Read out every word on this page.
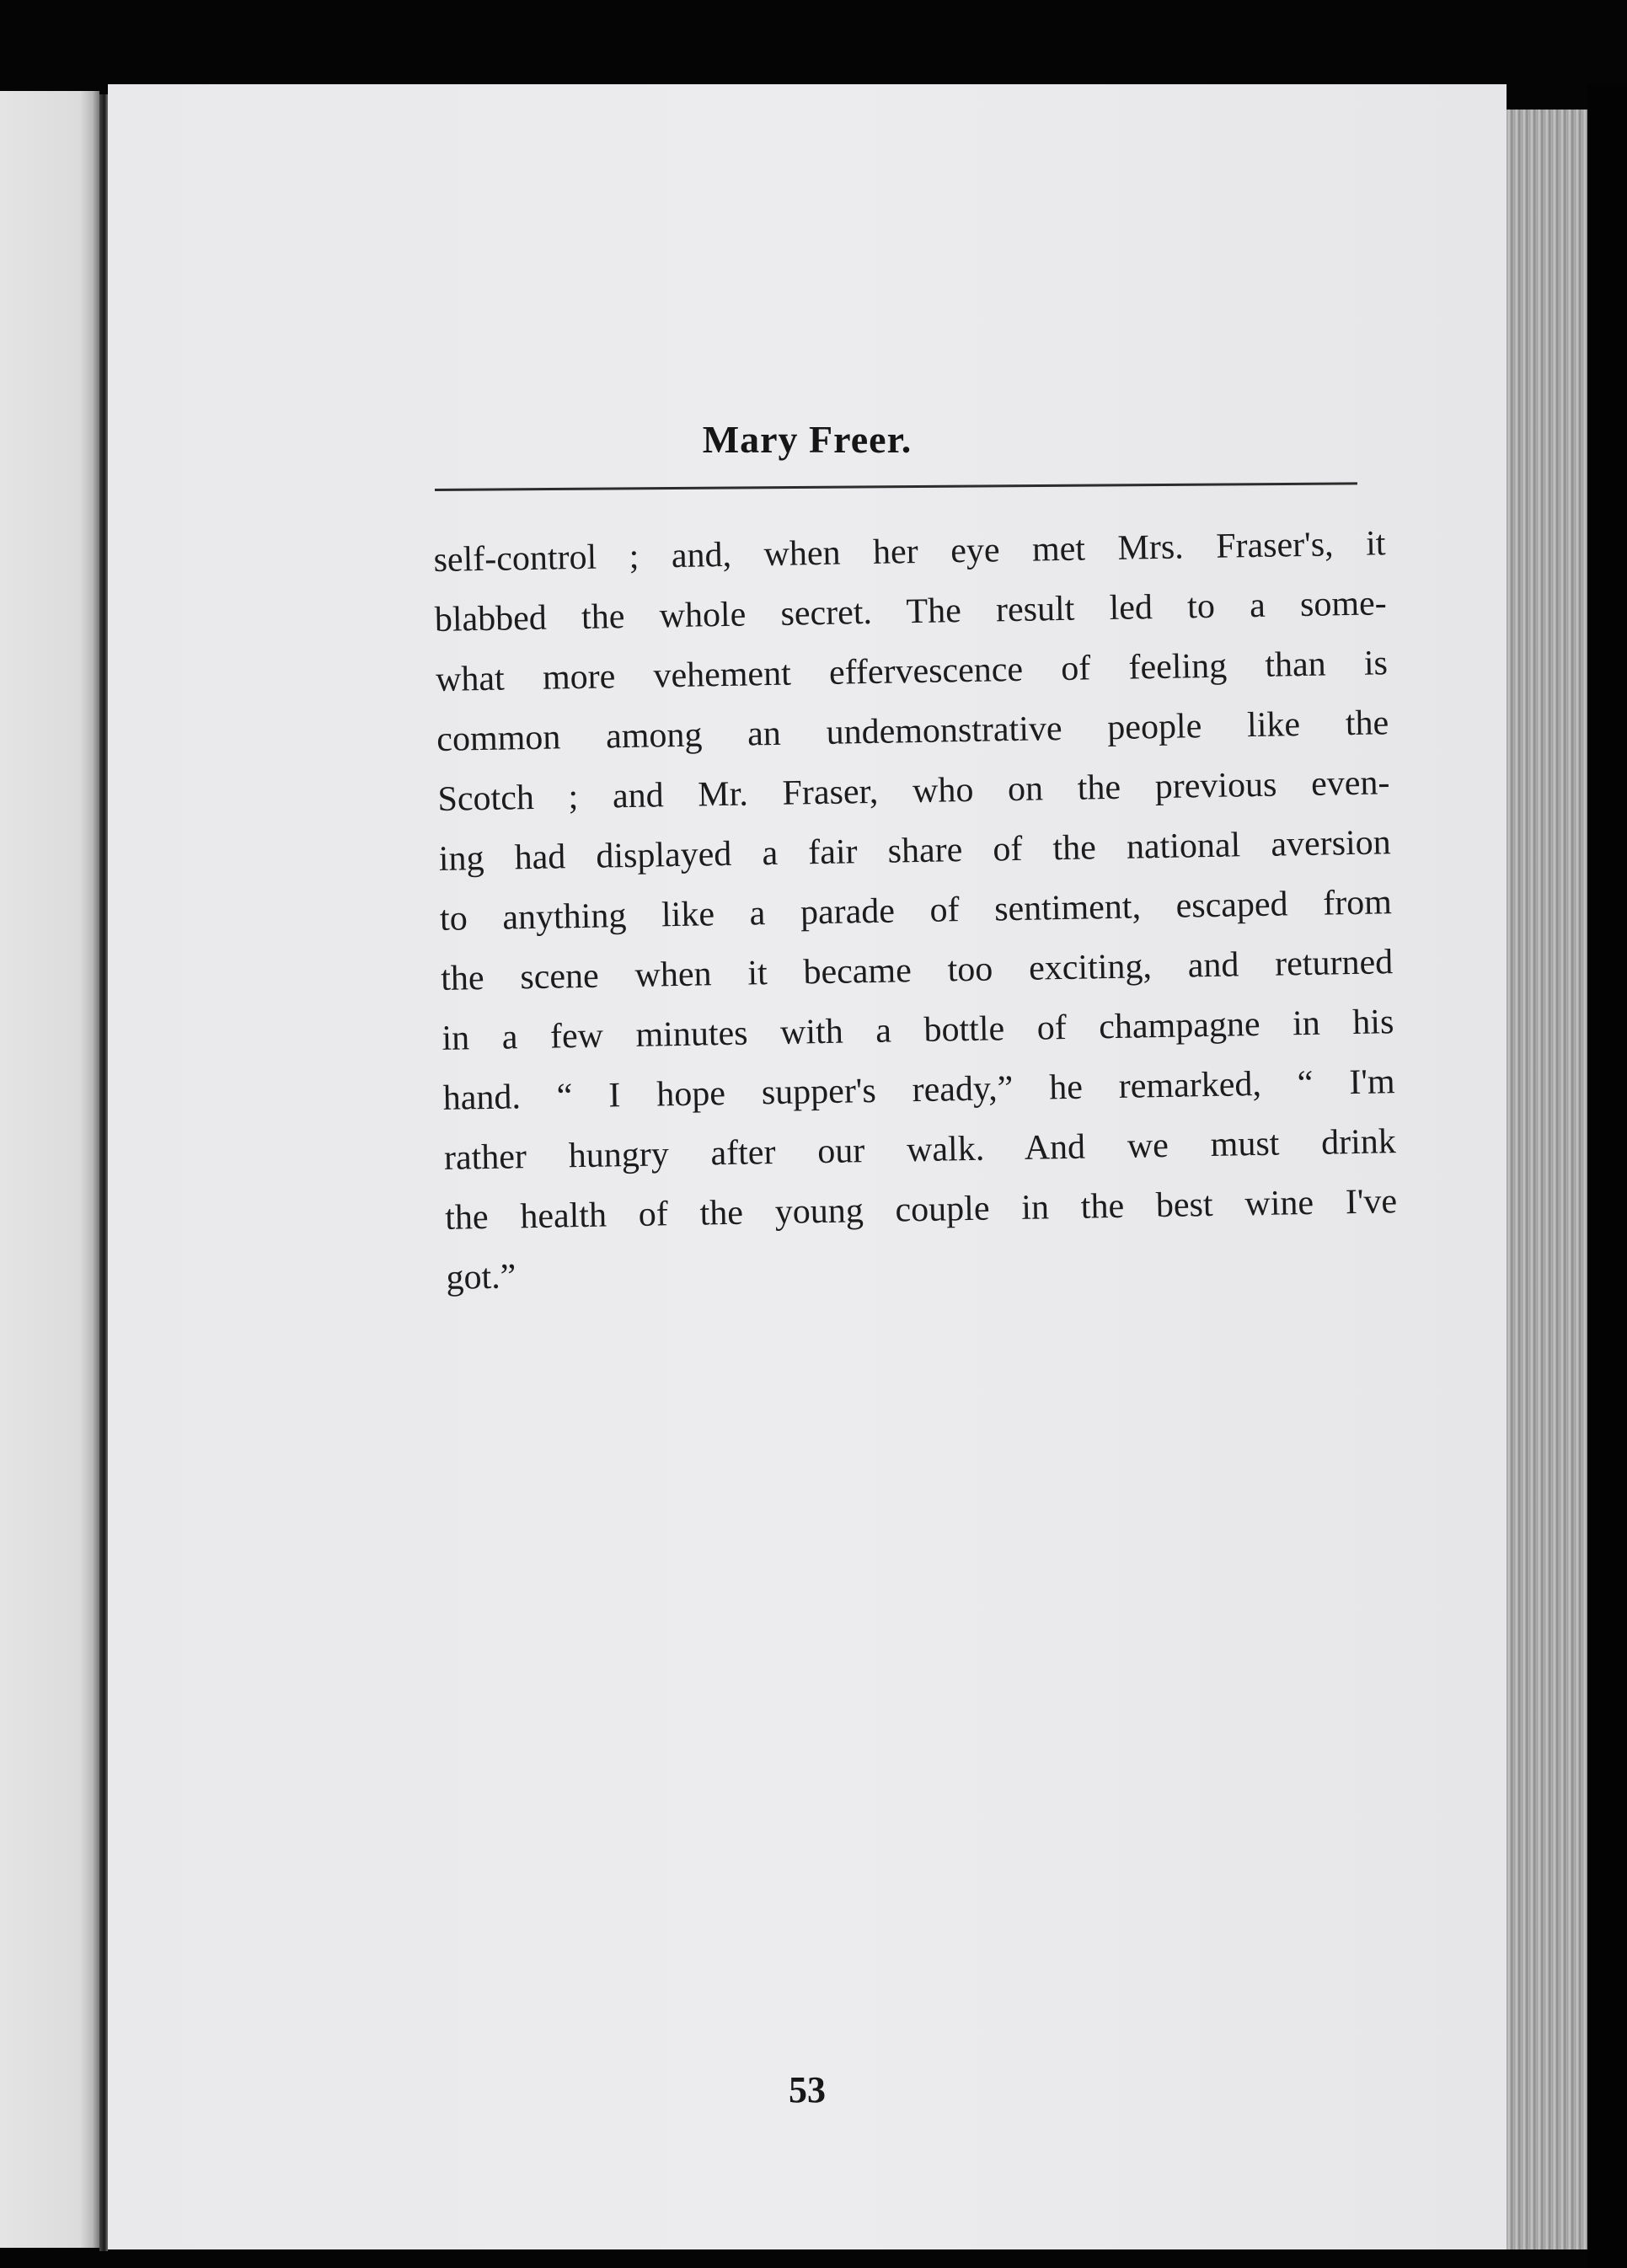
Mary Freer.
self-control ; and, when her eye met Mrs. Fraser's, it
blabbed the whole secret. The result led to a some-
what more vehement effervescence of feeling than is
common among an undemonstrative people like the
Scotch ; and Mr. Fraser, who on the previous even-
ing had displayed a fair share of the national aversion
to anything like a parade of sentiment, escaped from
the scene when it became too exciting, and returned
in a few minutes with a bottle of champagne in his
hand. “ I hope supper's ready,” he remarked, “ I'm
rather hungry after our walk. And we must drink
the health of the young couple in the best wine I've
got.”

53
